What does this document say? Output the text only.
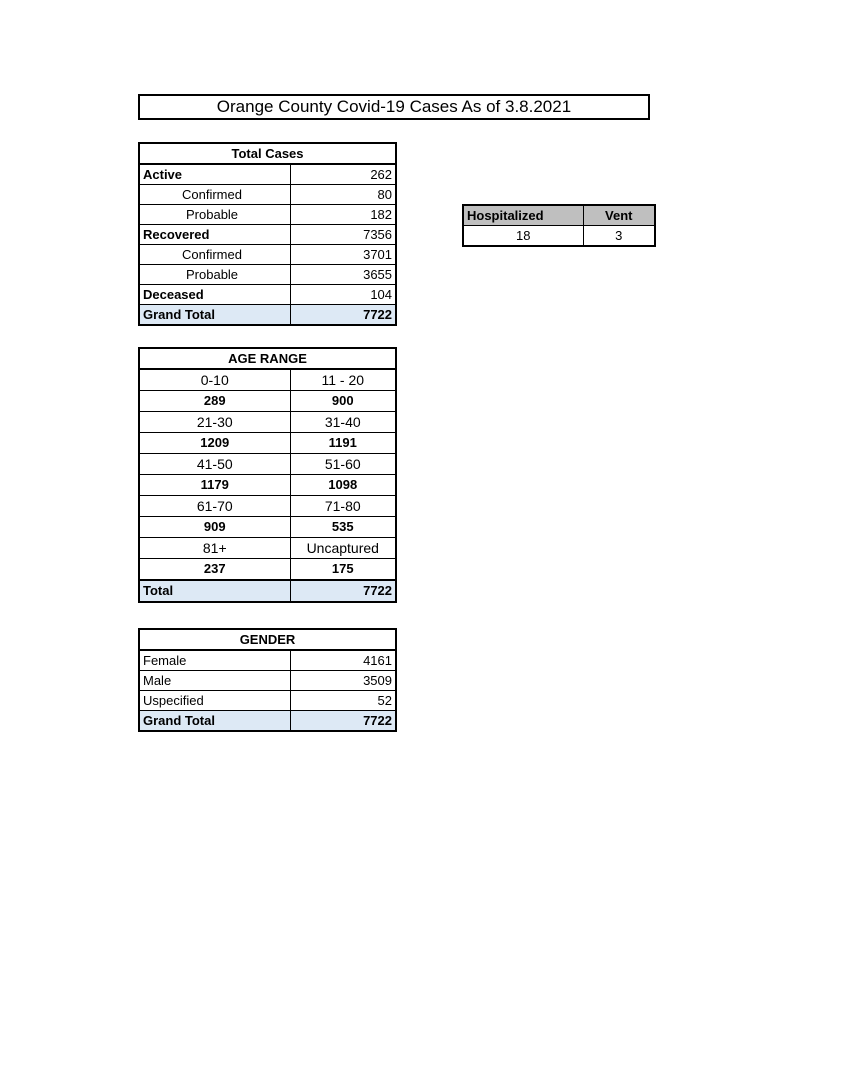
Orange County Covid-19 Cases As of 3.8.2021
Total Cases	
Active	262
Confirmed	80
Probable	182
Recovered	7356
Confirmed	3701
Probable	3655
Deceased	104
Grand Total	7722
Hospitalized	Vent
18	3
AGE RANGE	
0-10	11 - 20
289	900
21-30	31-40
1209	1191
41-50	51-60
1179	1098
61-70	71-80
909	535
81+	Uncaptured
237	175
Total	7722
GENDER	
Female	4161
Male	3509
Uspecified	52
Grand Total	7722
